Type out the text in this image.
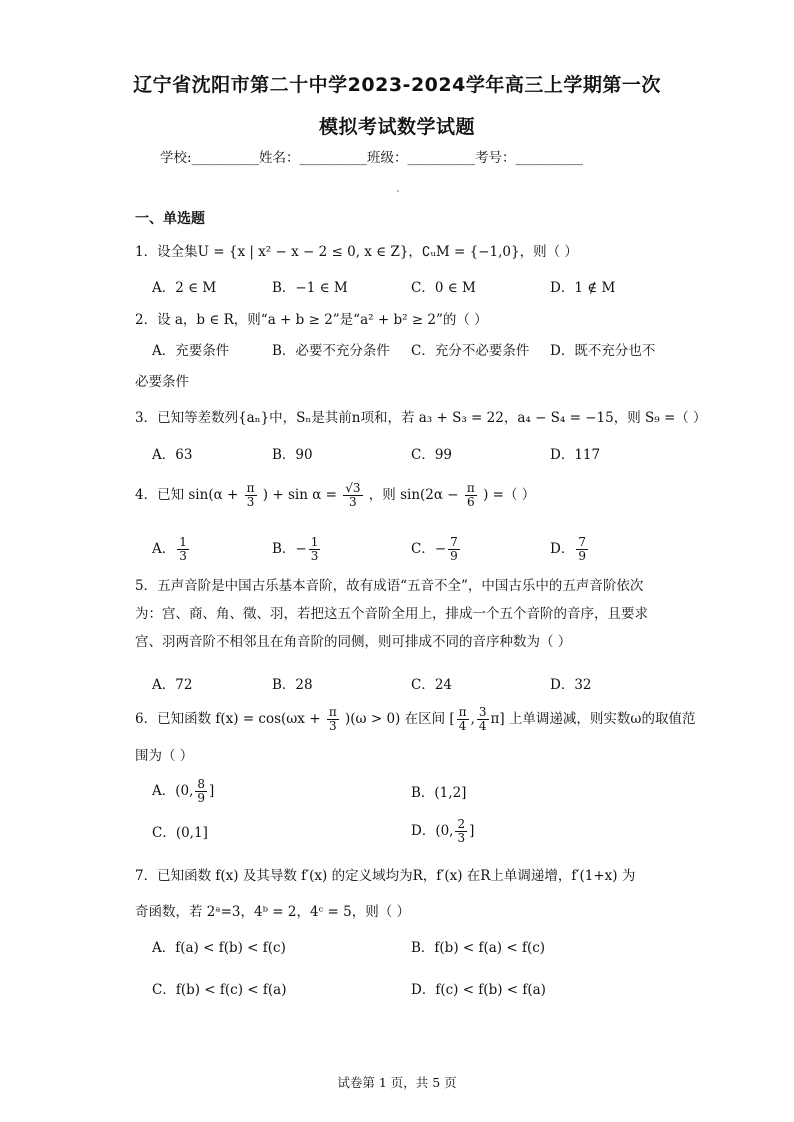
辽宁省沈阳市第二十中学2023-2024学年高三上学期第一次
模拟考试数学试题
学校:__________姓名：__________班级：__________考号：__________
一、单选题
1．设全集U = {x | x² − x − 2 ≤ 0, x ∈ Z}，∁ᵤM = {−1,0}，则（ ）
A．2 ∈ M	B．−1 ∈ M	C．0 ∈ M	D．1 ∉ M
2．设 a，b ∈ R，则“a + b ≥ 2”是“a² + b² ≥ 2”的（ ）
A．充要条件	B．必要不充分条件 C．充分不必要条件 D．既不充分也不
必要条件
3．已知等差数列{aₙ}中，Sₙ是其前n项和，若 a₃ + S₃ = 22，a₄ − S₄ = −15，则 S₉ =（ ）
A．63	B．90	C．99	D．117
4．已知 $\sin(\alpha + \frac{\pi}{3}$ ) + $\sin \alpha = \frac{√3}{3}$ ，则 $\sin(2\alpha - \frac{\pi}{6}$ ) =（ ）
A． $\frac{1}{3}$	B．− $\frac{1}{3}$	C．− $\frac{7}{9}$	D． $\frac{7}{9}$
5．五声音阶是中国古乐基本音阶，故有成语“五音不全”，中国古乐中的五声音阶依次为：宫、商、角、徵、羽，若把这五个音阶全用上，排成一个五个音阶的音序，且要求宫、羽两音阶不相邻且在角音阶的同侧，则可排成不同的音序种数为（ ）
A．72	B．28	C．24	D．32
6．已知函数 $f(x) = \cos(\omega x + \frac{\pi}{3} )(\omega > 0)$ 在区间 [ $\frac{\pi}{4}$ , $\frac{3}{4} \pi$] 上单调递减，则实数ω的取值范
围为（ ）
A．(0, $\frac{8}{9}$ ]	B．(1,2]
C．(0,1]	D．(0, $\frac{2}{3}$ ]
7．已知函数 f(x) 及其导数 f′(x) 的定义域均为R，f′(x) 在R上单调递增，f′(1+x) 为
奇函数，若 2ᵃ=3，4ᵇ = 2，4ᶜ = 5，则（ ）
A．f(a) < f(b) < f(c)	B．f(b) < f(a) < f(c)
C．f(b) < f(c) < f(a)	D．f(c) < f(b) < f(a)
试卷第 1 页，共 5 页
